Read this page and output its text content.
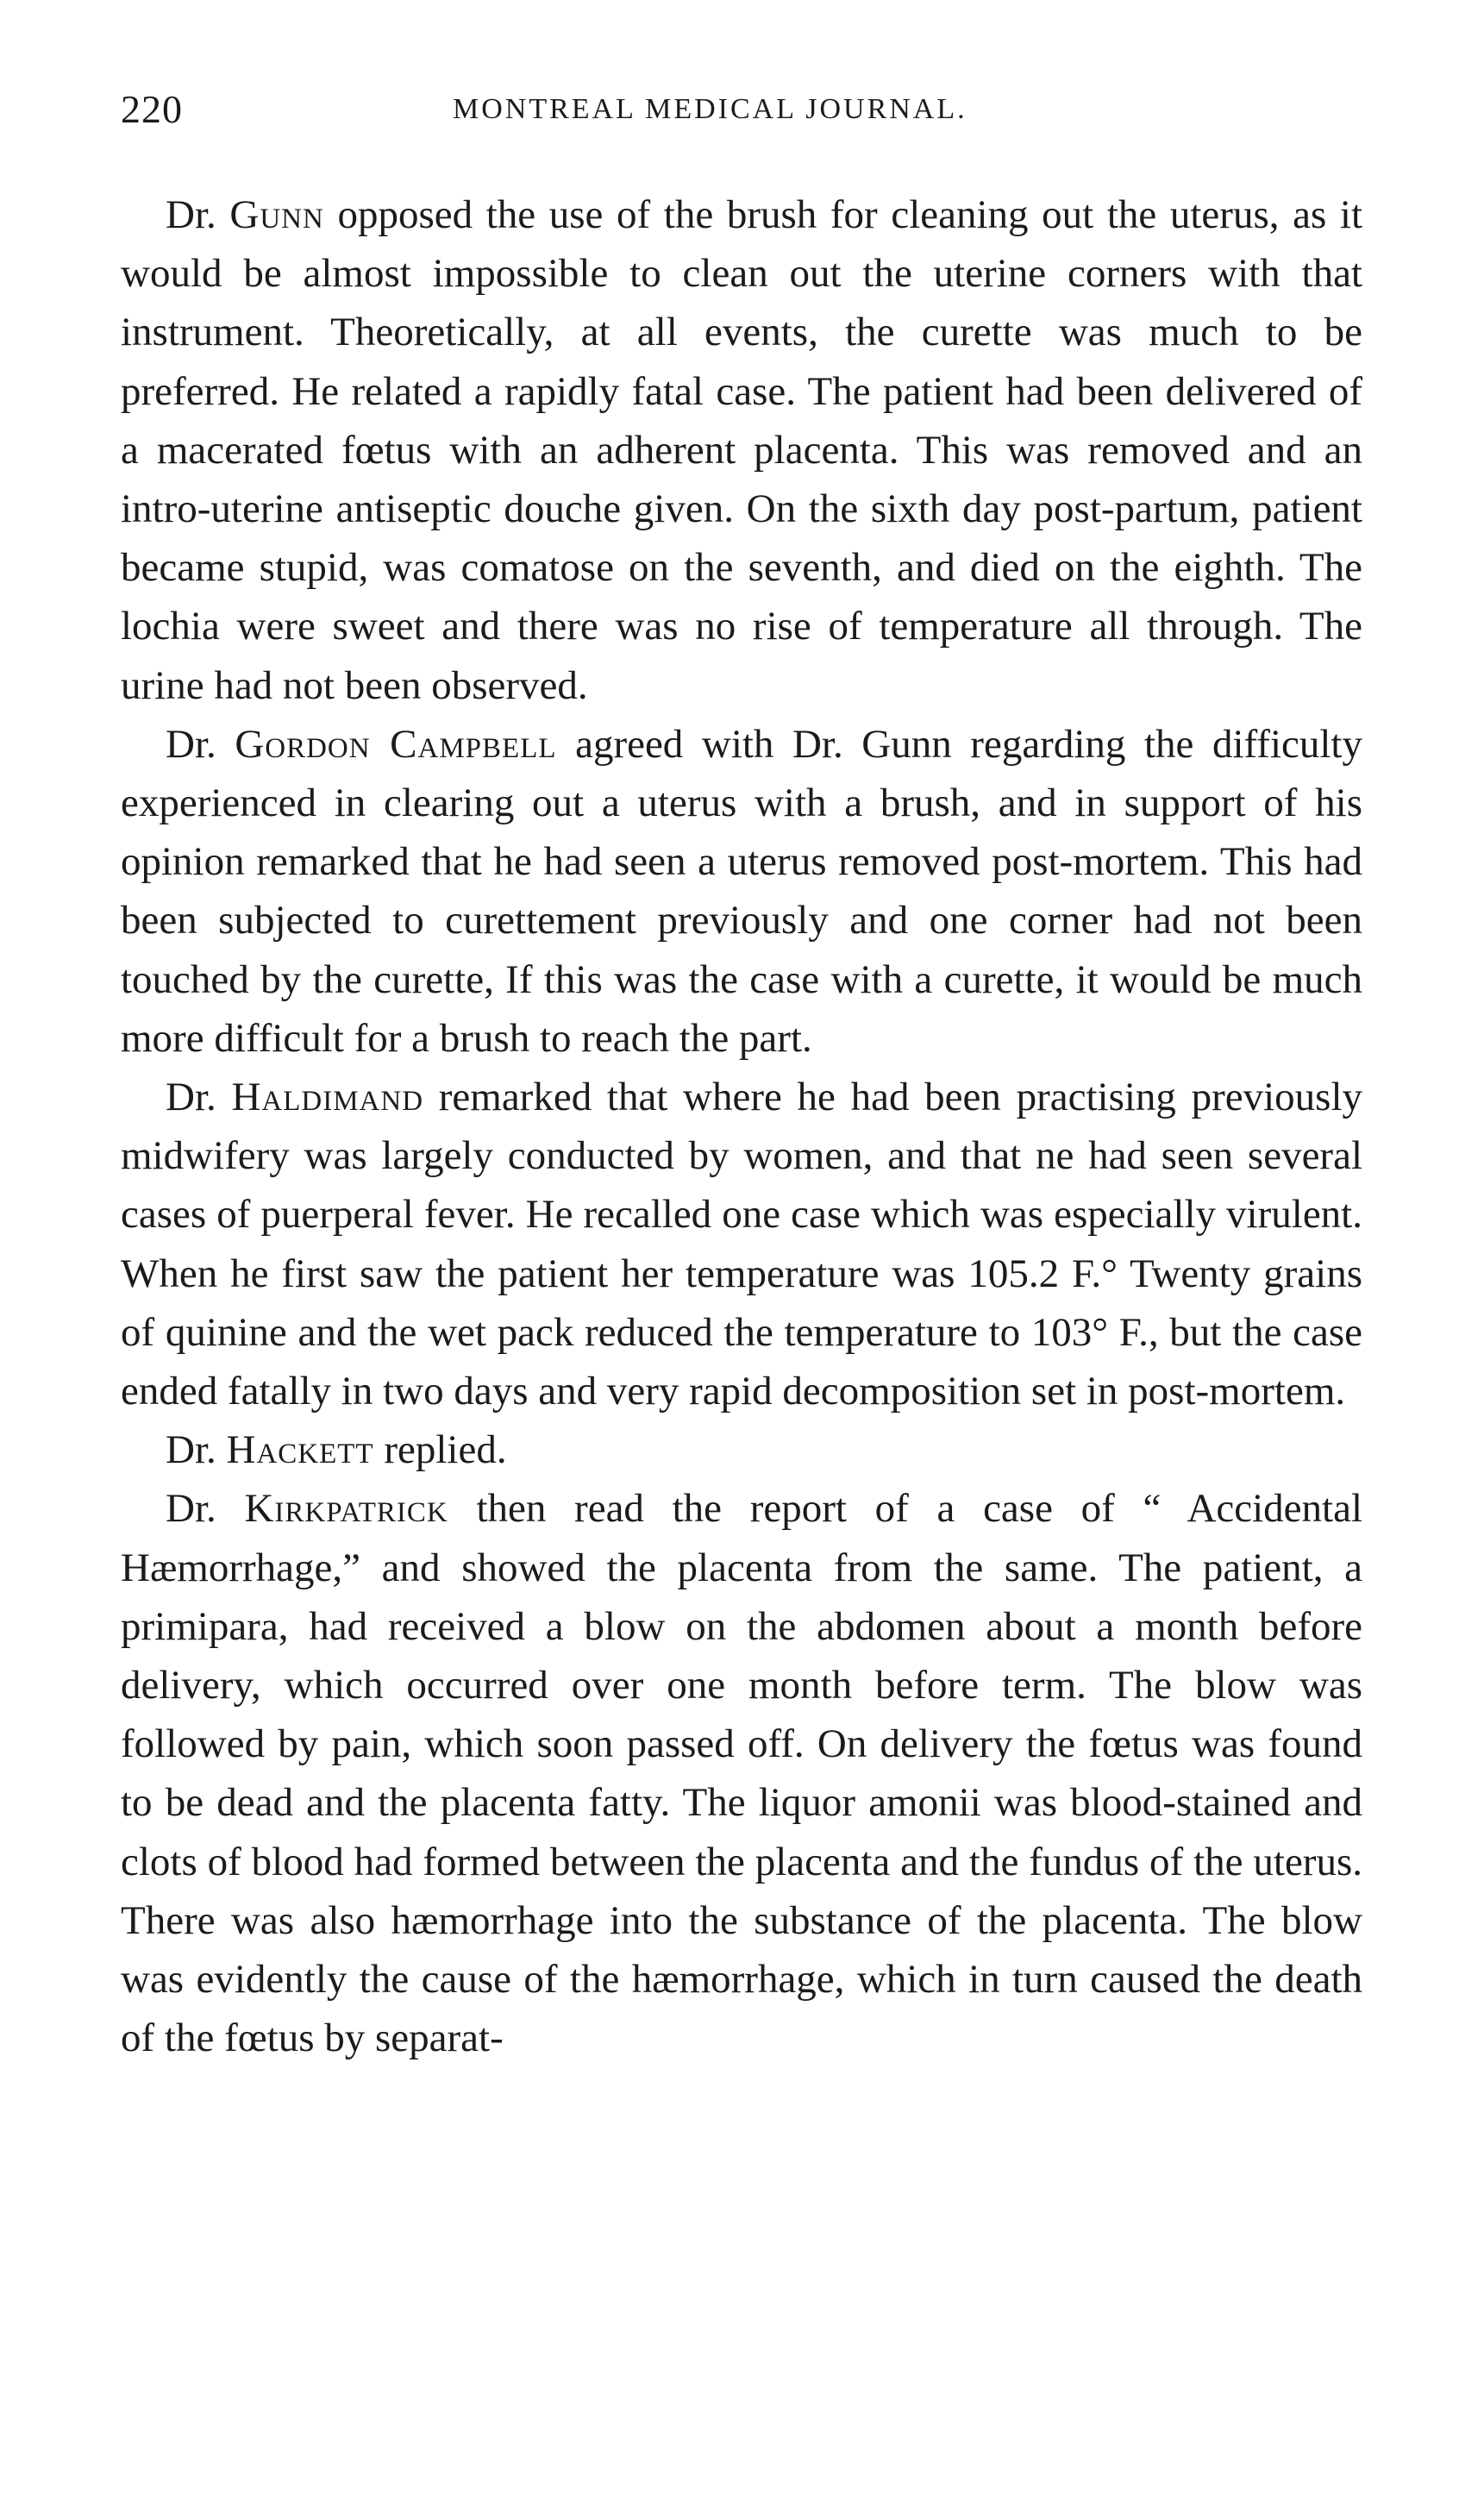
220	MONTREAL MEDICAL JOURNAL.

Dr. Gunn opposed the use of the brush for cleaning out the uterus, as it would be almost impossible to clean out the uterine corners with that instrument. Theoretically, at all events, the curette was much to be preferred. He related a rapidly fatal case. The patient had been delivered of a macerated fœtus with an adherent placenta. This was removed and an intro-uterine antiseptic douche given. On the sixth day post-partum, patient became stupid, was comatose on the seventh, and died on the eighth. The lochia were sweet and there was no rise of temperature all through. The urine had not been observed.

Dr. Gordon Campbell agreed with Dr. Gunn regarding the difficulty experienced in clearing out a uterus with a brush, and in support of his opinion remarked that he had seen a uterus removed post-mortem. This had been subjected to curettement previously and one corner had not been touched by the curette, If this was the case with a curette, it would be much more difficult for a brush to reach the part.

Dr. Haldimand remarked that where he had been practising previously midwifery was largely conducted by women, and that ne had seen several cases of puerperal fever. He recalled one case which was especially virulent. When he first saw the patient her temperature was 105.2 F.° Twenty grains of quinine and the wet pack reduced the temperature to 103° F., but the case ended fatally in two days and very rapid decomposition set in post-mortem.

Dr. Hackett replied.

Dr. Kirkpatrick then read the report of a case of “ Accidental Hæmorrhage,” and showed the placenta from the same. The patient, a primipara, had received a blow on the abdomen about a month before delivery, which occurred over one month before term. The blow was followed by pain, which soon passed off. On delivery the fœtus was found to be dead and the placenta fatty. The liquor amonii was blood-stained and clots of blood had formed between the placenta and the fundus of the uterus. There was also hæmorrhage into the substance of the placenta. The blow was evidently the cause of the hæmorrhage, which in turn caused the death of the fœtus by separat-
